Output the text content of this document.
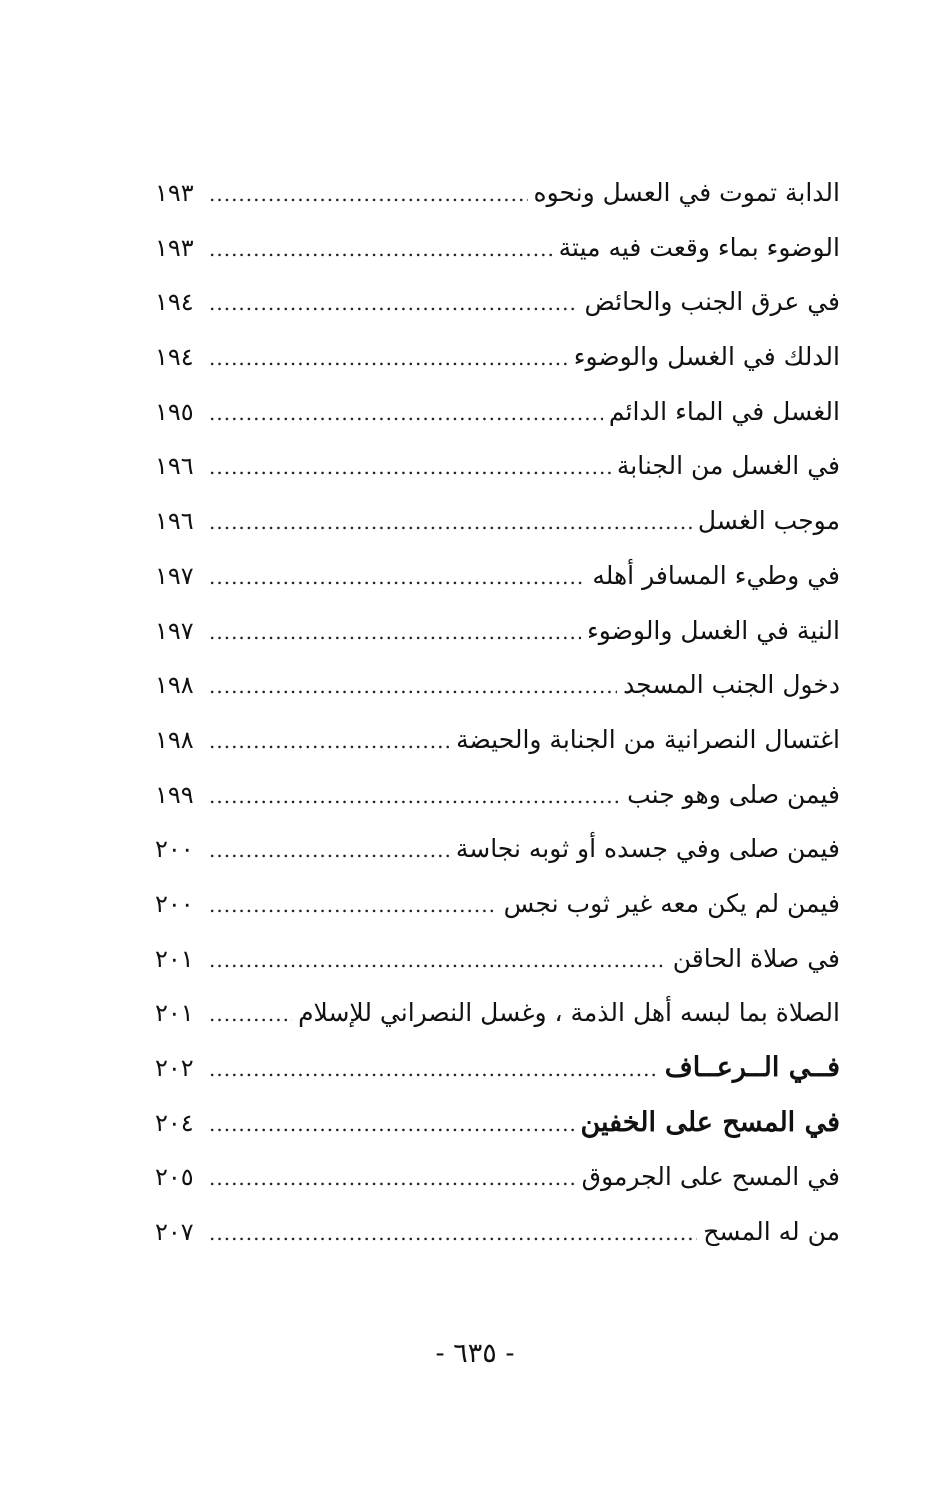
الدابة تموت في العسل ونحوه
.....
١٩٣
الوضوء بماء وقعت فيه ميتة
.....
١٩٣
في عرق الجنب والحائض
.....
١٩٤
الدلك في الغسل والوضوء
.....
١٩٤
الغسل في الماء الدائم
.....
١٩٥
في الغسل من الجنابة
.....
١٩٦
موجب الغسل
.....
١٩٦
في وطيء المسافر أهله
.....
١٩٧
النية في الغسل والوضوء
.....
١٩٧
دخول الجنب المسجد
.....
١٩٨
اغتسال النصرانية من الجنابة والحيضة
.....
١٩٨
فيمن صلى وهو جنب
.....
١٩٩
فيمن صلى وفي جسده أو ثوبه نجاسة
.....
٢٠٠
فيمن لم يكن معه غير ثوب نجس
.....
٢٠٠
في صلاة الحاقن
.....
٢٠١
الصلاة بما لبسه أهل الذمة ، وغسل النصراني للإسلام
.....
٢٠١
فــي الــرعــاف
.....
٢٠٢
في المسح على الخفين
.....
٢٠٤
في المسح على الجرموق
.....
٢٠٥
من له المسح
.....
٢٠٧
- ٦٣٥ -
